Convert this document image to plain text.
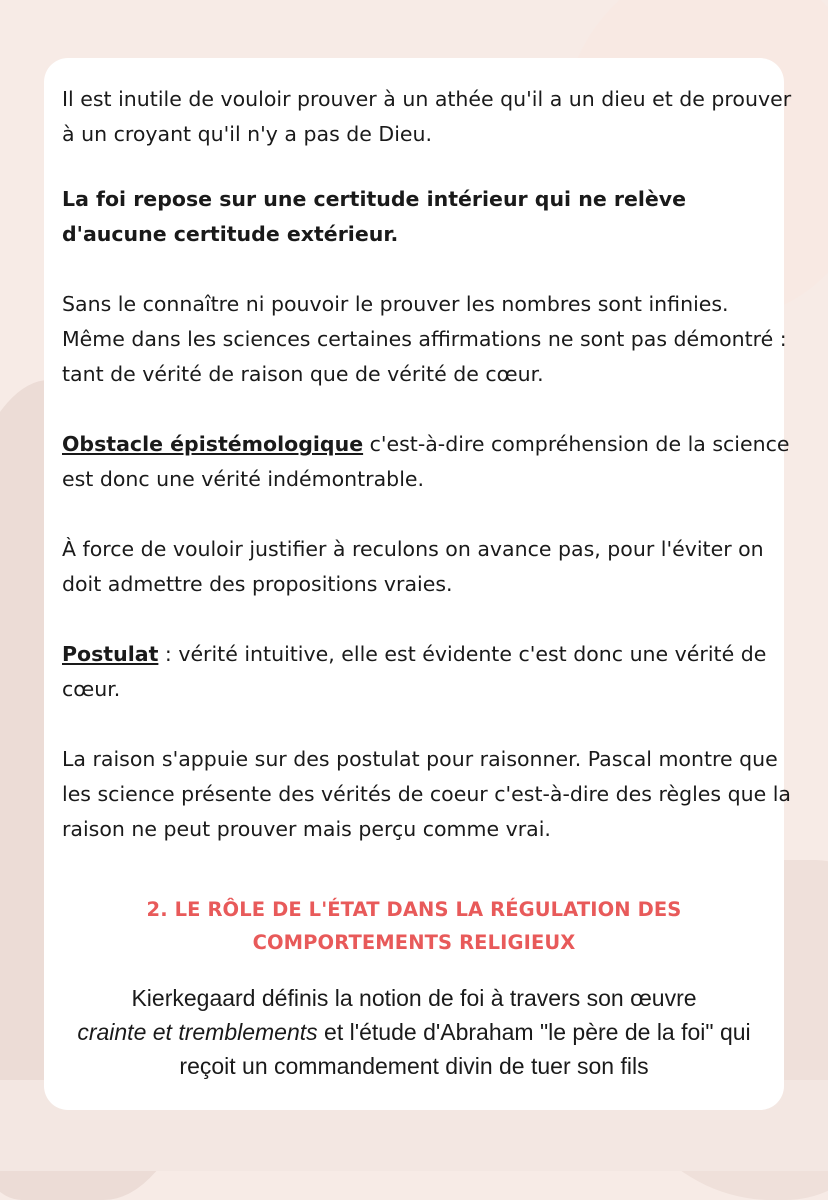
Il est inutile de vouloir prouver à un athée qu'il a un dieu et de prouver à un croyant qu'il n'y a pas de Dieu.

La foi repose sur une certitude intérieur qui ne relève d'aucune certitude extérieur.

Sans le connaître ni pouvoir le prouver les nombres sont infinies.

Même dans les sciences certaines affirmations ne sont pas démontré : tant de vérité de raison que de vérité de cœur.

Obstacle épistémologique c'est-à-dire compréhension de la science est donc une vérité indémontrable.

À force de vouloir justifier à reculons on avance pas, pour l'éviter on doit admettre des propositions vraies.

Postulat : vérité intuitive, elle est évidente c'est donc une vérité de cœur.

La raison s'appuie sur des postulat pour raisonner. Pascal montre que les science présente des vérités de coeur c'est-à-dire des règles que la raison ne peut prouver mais perçu comme vrai.

2. LE RÔLE DE L'ÉTAT DANS LA RÉGULATION DES
COMPORTEMENTS RELIGIEUX
Kierkegaard définis la notion de foi à travers son œuvre
crainte et tremblements et l'étude d'Abraham "le père de la foi" qui reçoit un commandement divin de tuer son fils
